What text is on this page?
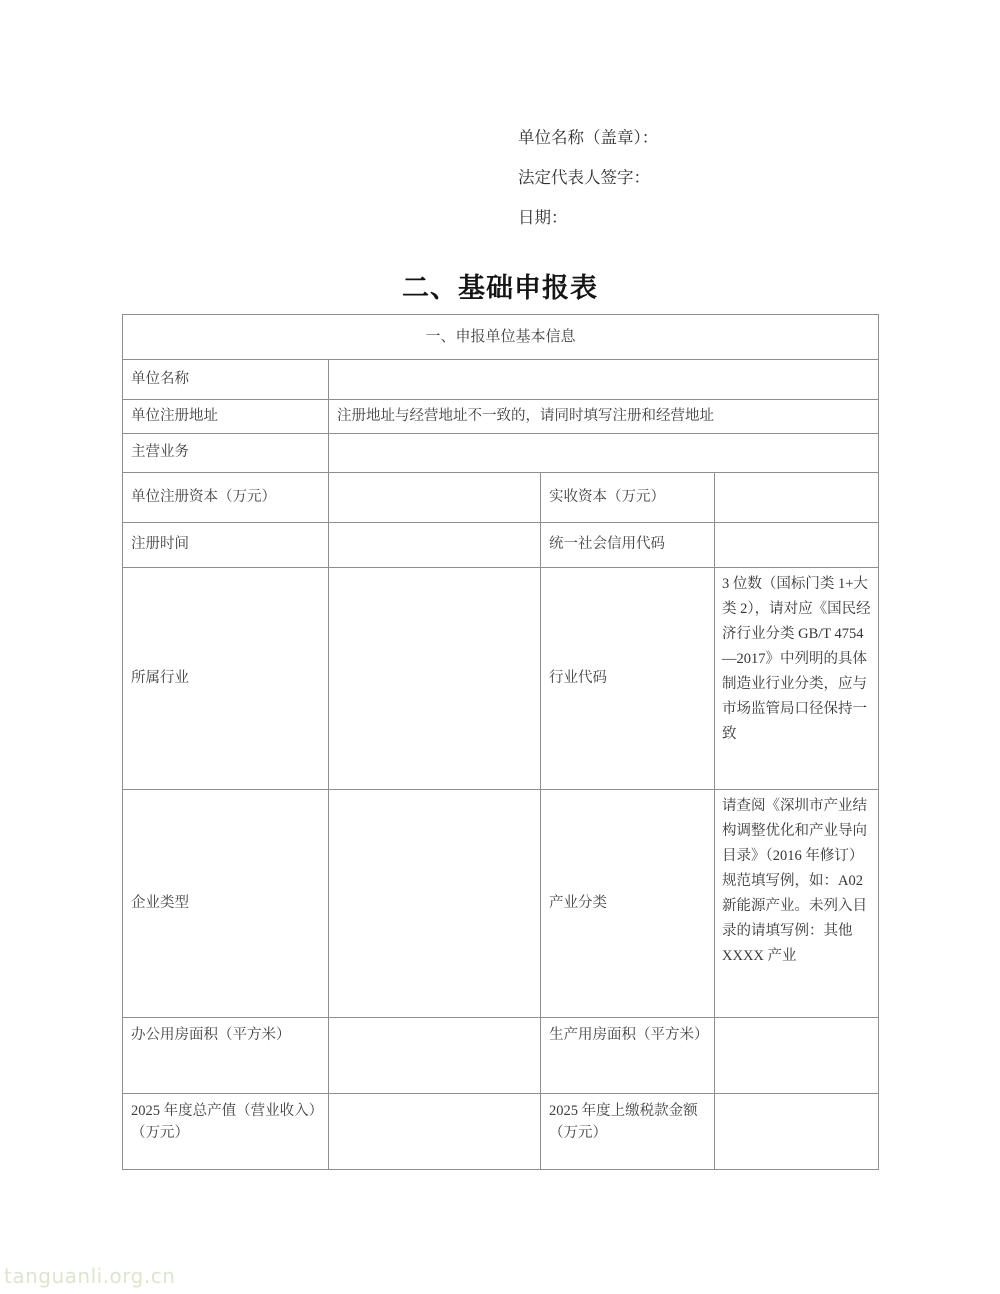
单位名称（盖章）：
法定代表人签字：
日期：
二、基础申报表
一、申报单位基本信息			

单位名称			

单位注册地址	注册地址与经营地址不一致的，请同时填写注册和经营地址		

主营业务			

单位注册资本（万元）		实收资本（万元）	

注册时间		统一社会信用代码	

所属行业		行业代码	3 位数（国标门类 1+大类 2），请对应《国民经济行业分类 GB/T 4754—2017》中列明的具体制造业行业分类，应与市场监管局口径保持一致

企业类型		产业分类	请查阅《深圳市产业结构调整优化和产业导向目录》（2016 年修订）规范填写例，如：A02 新能源产业。未列入目录的请填写例：其他 XXXX 产业

办公用房面积（平方米）		生产用房面积（平方米）	

2025 年度总产值（营业收入）（万元）		2025 年度上缴税款金额（万元）	

tanguanli.org.cn
